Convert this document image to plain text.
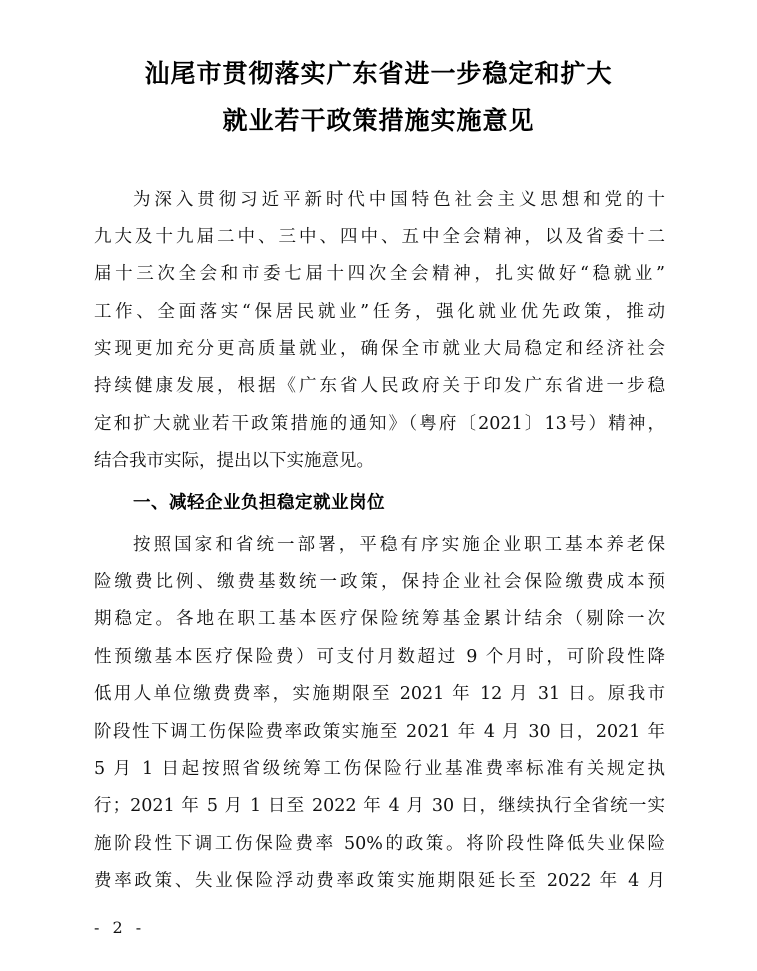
汕尾市贯彻落实广东省进一步稳定和扩大
就业若干政策措施实施意见
为深入贯彻习近平新时代中国特色社会主义思想和党的十
九大及十九届二中、三中、四中、五中全会精神，以及省委十二
届十三次全会和市委七届十四次全会精神，扎实做好“稳就业”
工作、全面落实“保居民就业”任务，强化就业优先政策，推动
实现更加充分更高质量就业，确保全市就业大局稳定和经济社会
持续健康发展，根据《广东省人民政府关于印发广东省进一步稳
定和扩大就业若干政策措施的通知》（粤府〔2021〕13号）精神，
结合我市实际，提出以下实施意见。
一、减轻企业负担稳定就业岗位
按照国家和省统一部署，平稳有序实施企业职工基本养老保
险缴费比例、缴费基数统一政策，保持企业社会保险缴费成本预
期稳定。各地在职工基本医疗保险统筹基金累计结余（剔除一次
性预缴基本医疗保险费）可支付月数超过 9 个月时，可阶段性降
低用人单位缴费费率，实施期限至 2021 年 12 月 31 日。原我市
阶段性下调工伤保险费率政策实施至 2021 年 4 月 30 日，2021 年
5 月 1 日起按照省级统筹工伤保险行业基准费率标准有关规定执
行；2021 年 5 月 1 日至 2022 年 4 月 30 日，继续执行全省统一实
施阶段性下调工伤保险费率 50%的政策。将阶段性降低失业保险
费率政策、失业保险浮动费率政策实施期限延长至 2022 年 4 月
- 2 -
